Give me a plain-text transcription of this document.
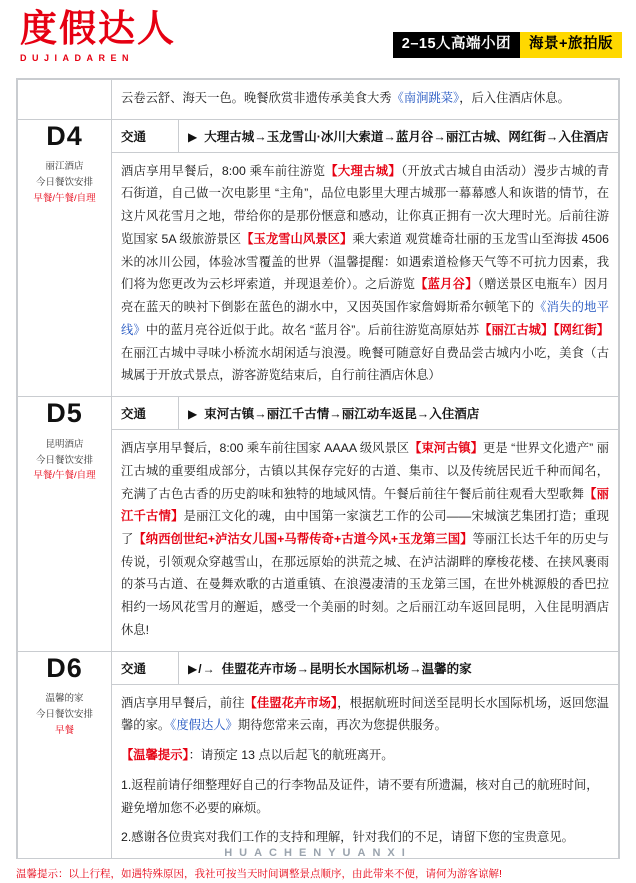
度假达人
DUJIADAREN
2–15人高端小团	海景+旅拍版

	云卷云舒、海天一色。晚餐欣赏非遗传承美食大秀《南涧跳菜》，后入住酒店休息。

D4
丽江酒店
今日餐饮安排
早餐/午餐/自理

交通	▶ 大理古城→玉龙雪山·冰川大索道→蓝月谷→丽江古城、网红街→入住酒店
酒店享用早餐后，8:00 乘车前往游览【大理古城】（开放式古城自由活动）漫步古城的青石街道，自己做一次电影里 “主角”，品位电影里大理古城那一幕幕感人和诙谐的情节，在这片风花雪月之地，带给你的是那份惬意和感动，让你真正拥有一次大理时光。后前往游览国家 5A 级旅游景区【玉龙雪山风景区】乘大索道 观赏雄奇壮丽的玉龙雪山至海拔 4506 米的冰川公园，体验冰雪覆盖的世界（温馨提醒：如遇索道检修天气等不可抗力因素，我们将为您更改为云杉坪索道，并现退差价）。之后游览【蓝月谷】（赠送景区电瓶车）因月亮在蓝天的映衬下倒影在蓝色的湖水中，又因英国作家詹姆斯希尔顿笔下的《消失的地平线》中的蓝月亮谷近似于此。故名 “蓝月谷”。后前往游览高原姑苏【丽江古城】【网红街】在丽江古城中寻味小桥流水胡闲适与浪漫。晚餐可随意好自费品尝古城内小吃，美食（古城属于开放式景点，游客游览结束后，自行前往酒店休息）

D5
昆明酒店
今日餐饮安排
早餐/午餐/自理

交通	▶ 束河古镇→丽江千古情→丽江动车返昆→入住酒店
酒店享用早餐后，8:00 乘车前往国家 AAAA 级风景区【束河古镇】更是 “世界文化遗产” 丽江古城的重要组成部分，古镇以其保存完好的古道、集市、以及传统居民近千种而闻名，充满了古色古香的历史韵味和独特的地域风情。午餐后前往午餐后前往观看大型歌舞【丽江千古情】是丽江文化的魂，由中国第一家演艺工作的公司——宋城演艺集团打造；重现了【纳西创世纪+泸沽女儿国+马帮传奇+古道今风+玉龙第三国】等丽江长达千年的历史与传说，引领观众穿越雪山，在那远原始的洪荒之城、在泸沽湖畔的摩梭花楼、在挟风裹雨的茶马古道、在曼舞欢歌的古道重镇、在浪漫凄清的玉龙第三国，在世外桃源般的香巴拉相约一场风花雪月的邂逅，感受一个美丽的时刻。之后丽江动车返回昆明，入住昆明酒店休息!

D6
温馨的家
今日餐饮安排
早餐

交通	▶/→ 佳盟花卉市场→昆明长水国际机场→温馨的家
酒店享用早餐后，前往【佳盟花卉市场】，根据航班时间送至昆明长水国际机场，返回您温馨的家。《度假达人》期待您常来云南，再次为您提供服务。
【温馨提示】：请预定 13 点以后起飞的航班离开。
1.返程前请仔细整理好自己的行李物品及证件，请不要有所遗漏，核对自己的航班时间，避免增加您不必要的麻烦。
2.感谢各位贵宾对我们工作的支持和理解，针对我们的不足，请留下您的宝贵意见。
温馨提示：以上行程，如遇特殊原因，我社可按当天时间调整景点顺序，由此带来不便，请何为游客谅解!
HUACHENYUANXI
